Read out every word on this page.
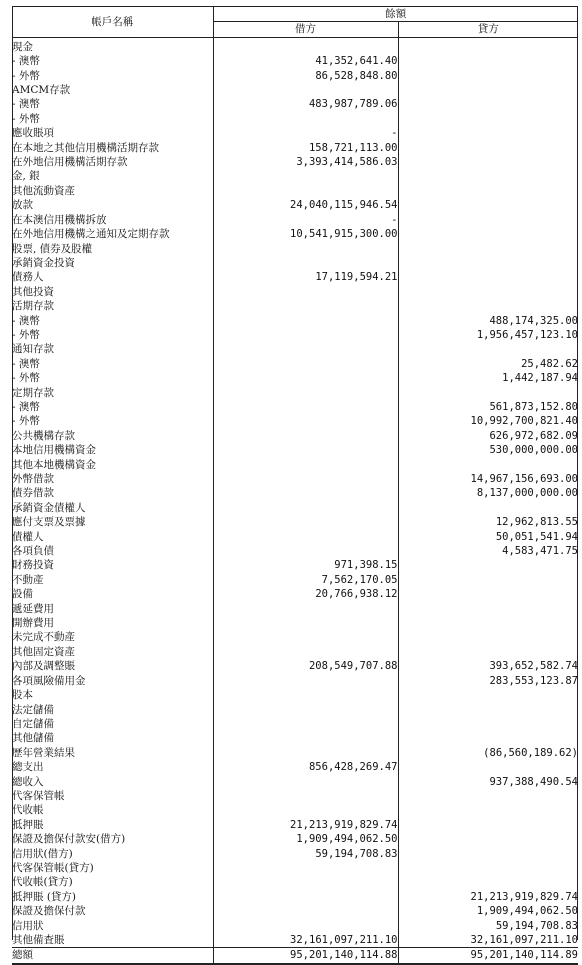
帳戶名稱	餘額	
	借方	貸方
現金		
- 澳幣	41,352,641.40	
- 外幣	86,528,848.80	
AMCM存款		
- 澳幣	483,987,789.06	
- 外幣		
應收賬項	-	
在本地之其他信用機構活期存款	158,721,113.00	
在外地信用機構活期存款	3,393,414,586.03	
金, 銀		
其他流動資產		
放款	24,040,115,946.54	
在本澳信用機構拆放	-	
在外地信用機構之通知及定期存款	10,541,915,300.00	
股票, 債券及股權		
承銷資金投資		
債務人	17,119,594.21	
其他投資		
活期存款		
- 澳幣		488,174,325.00
- 外幣		1,956,457,123.10
通知存款		
- 澳幣		25,482.62
- 外幣		1,442,187.94
定期存款		
- 澳幣		561,873,152.80
- 外幣		10,992,700,821.40
公共機構存款		626,972,682.09
本地信用機構資金		530,000,000.00
其他本地機構資金		
外幣借款		14,967,156,693.00
債券借款		8,137,000,000.00
承銷資金債權人		
應付支票及票據		12,962,813.55
債權人		50,051,541.94
各項負債		4,583,471.75
財務投資	971,398.15	
不動產	7,562,170.05	
設備	20,766,938.12	
遞延費用		
開辦費用		
未完成不動產		
其他固定資產		
內部及調整賬	208,549,707.88	393,652,582.74
各項風險備用金		283,553,123.87
股本		
法定儲備		
自定儲備		
其他儲備		
歷年營業結果		(86,560,189.62)
總支出	856,428,269.47	
總收入		937,388,490.54
代客保管帳		
代收帳		
抵押賬	21,213,919,829.74	
保證及擔保付款安(借方)	1,909,494,062.50	
信用狀(借方)	59,194,708.83	
代客保管帳(貸方)		
代收帳(貸方)		
抵押賬 (貸方)		21,213,919,829.74
保證及擔保付款		1,909,494,062.50
信用狀		59,194,708.83
其他備査賬	32,161,097,211.10	32,161,097,211.10
總額	95,201,140,114.88	95,201,140,114.89
